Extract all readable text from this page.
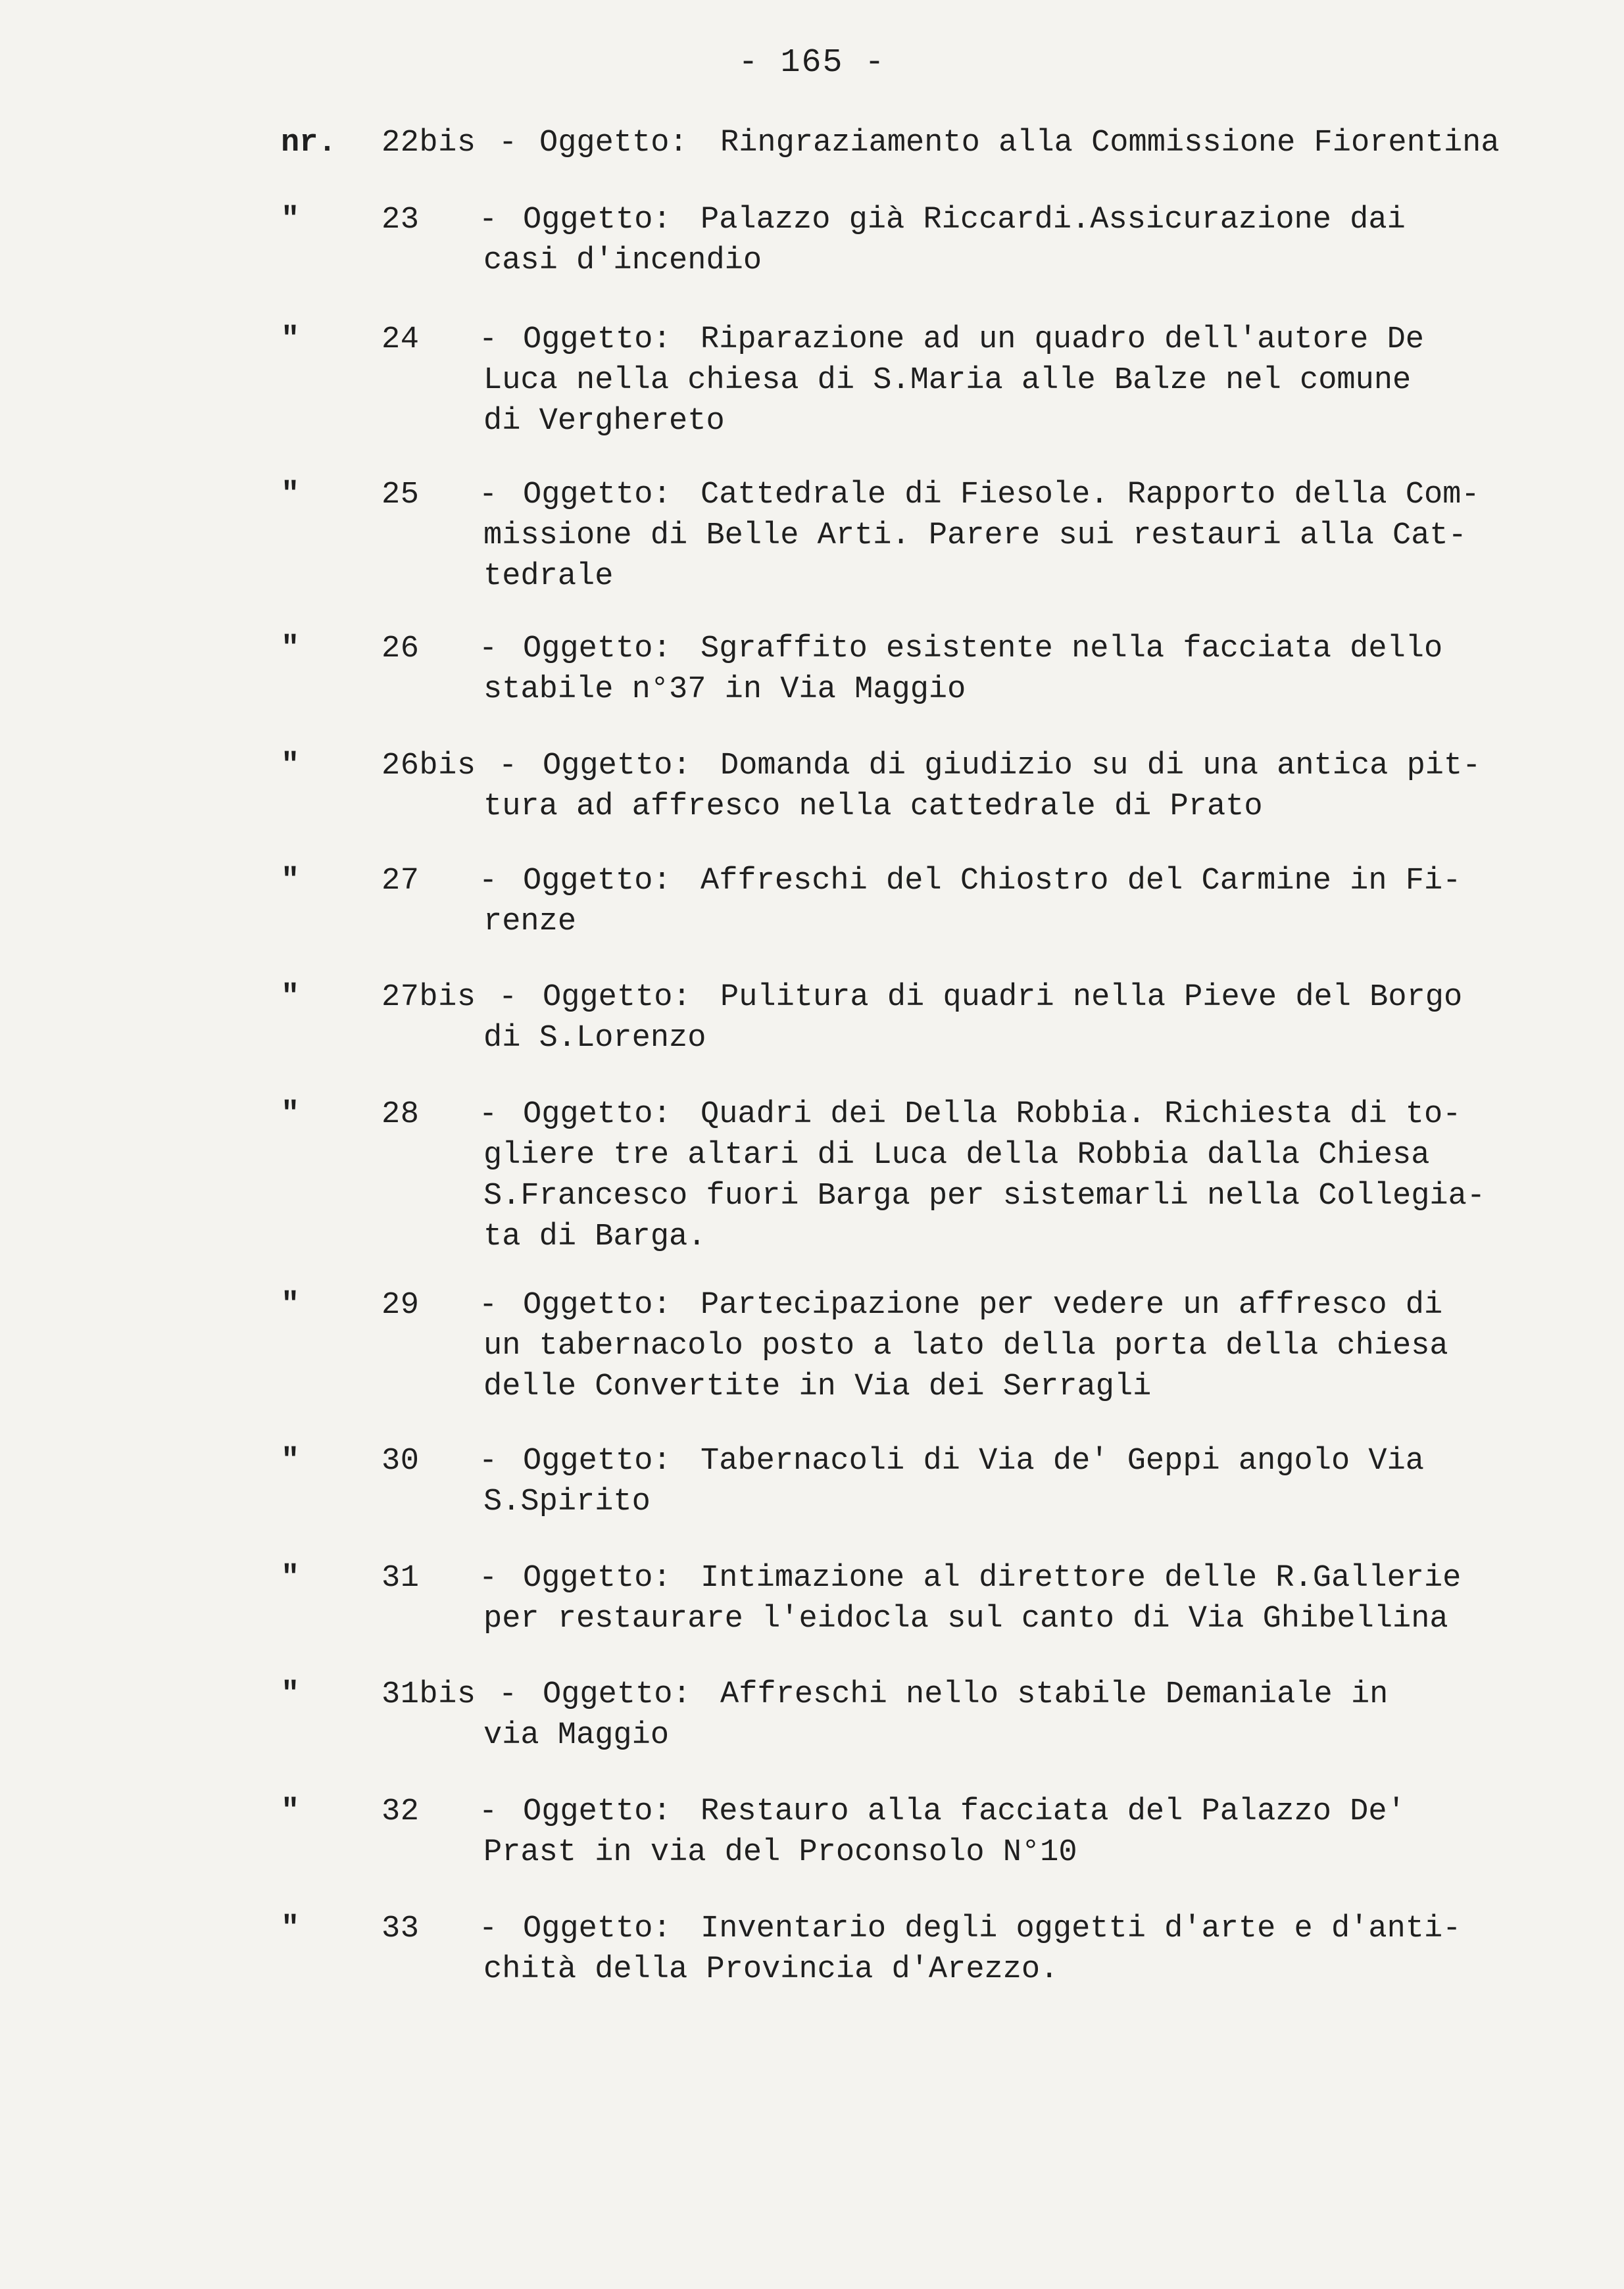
- 165 -
nr. 22bis - Oggetto: Ringraziamento alla Commissione Fiorentina
"	23 - Oggetto: Palazzo già Riccardi.Assicurazione dai
casi d'incendio
"	24 - Oggetto: Riparazione ad un quadro dell'autore De
Luca nella chiesa di S.Maria alle Balze nel comune
di Verghereto
"	25 - Oggetto: Cattedrale di Fiesole. Rapporto della Com-
missione di Belle Arti. Parere sui restauri alla Cat-
tedrale
"	26 - Oggetto: Sgraffito esistente nella facciata dello
stabile n°37 in Via Maggio
"	26bis - Oggetto: Domanda di giudizio su di una antica pit-
tura ad affresco nella cattedrale di Prato
"	27 - Oggetto: Affreschi del Chiostro del Carmine in Fi-
renze
"	27bis - Oggetto: Pulitura di quadri nella Pieve del Borgo
di S.Lorenzo
"	28 - Oggetto: Quadri dei Della Robbia. Richiesta di to-
gliere tre altari di Luca della Robbia dalla Chiesa
S.Francesco fuori Barga per sistemarli nella Collegia-
ta di Barga.
"	29 - Oggetto: Partecipazione per vedere un affresco di
un tabernacolo posto a lato della porta della chiesa
delle Convertite in Via dei Serragli
"	30 - Oggetto: Tabernacoli di Via de' Geppi angolo Via
S.Spirito
"	31 - Oggetto: Intimazione al direttore delle R.Gallerie
per restaurare l'eidocla sul canto di Via Ghibellina
"	31bis - Oggetto: Affreschi nello stabile Demaniale in
via Maggio
"	32 - Oggetto: Restauro alla facciata del Palazzo De'
Prast in via del Proconsolo N°10
"	33 - Oggetto: Inventario degli oggetti d'arte e d'anti-
chità della Provincia d'Arezzo.
